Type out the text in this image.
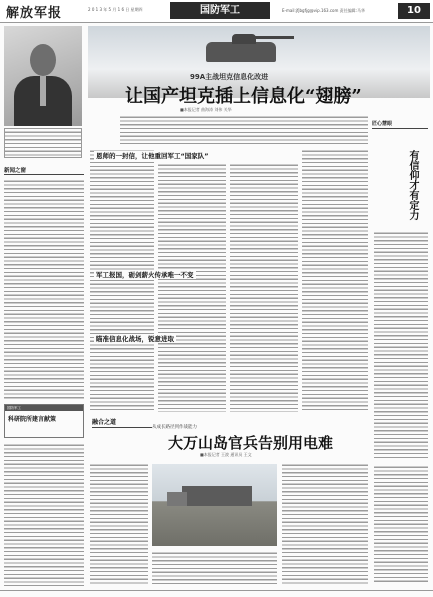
解放军报	2 0 1 3 年 5 月 1 6 日 星期四	国防军工	E-mail:jfjbgfjg@vip.163.com 责任编辑:马华	10
99A主战坦克信息化改进
让国产坦克插上信息化“翅膀”
■本报记者 曲海涛 刘伟 关华
新闻之窗
国防军工
科研院所建言献策
恩师的一封信，让他重回军工“国家队”
军工报国，砺剑薪火传承唯一不变
瞄准信息化战场，锐意进取
匠心慧眼
有信仰才有定力
融合之道
从成长路径到作战能力
大万山岛官兵告别用电难
■本报记者 王波 通讯员 王文
